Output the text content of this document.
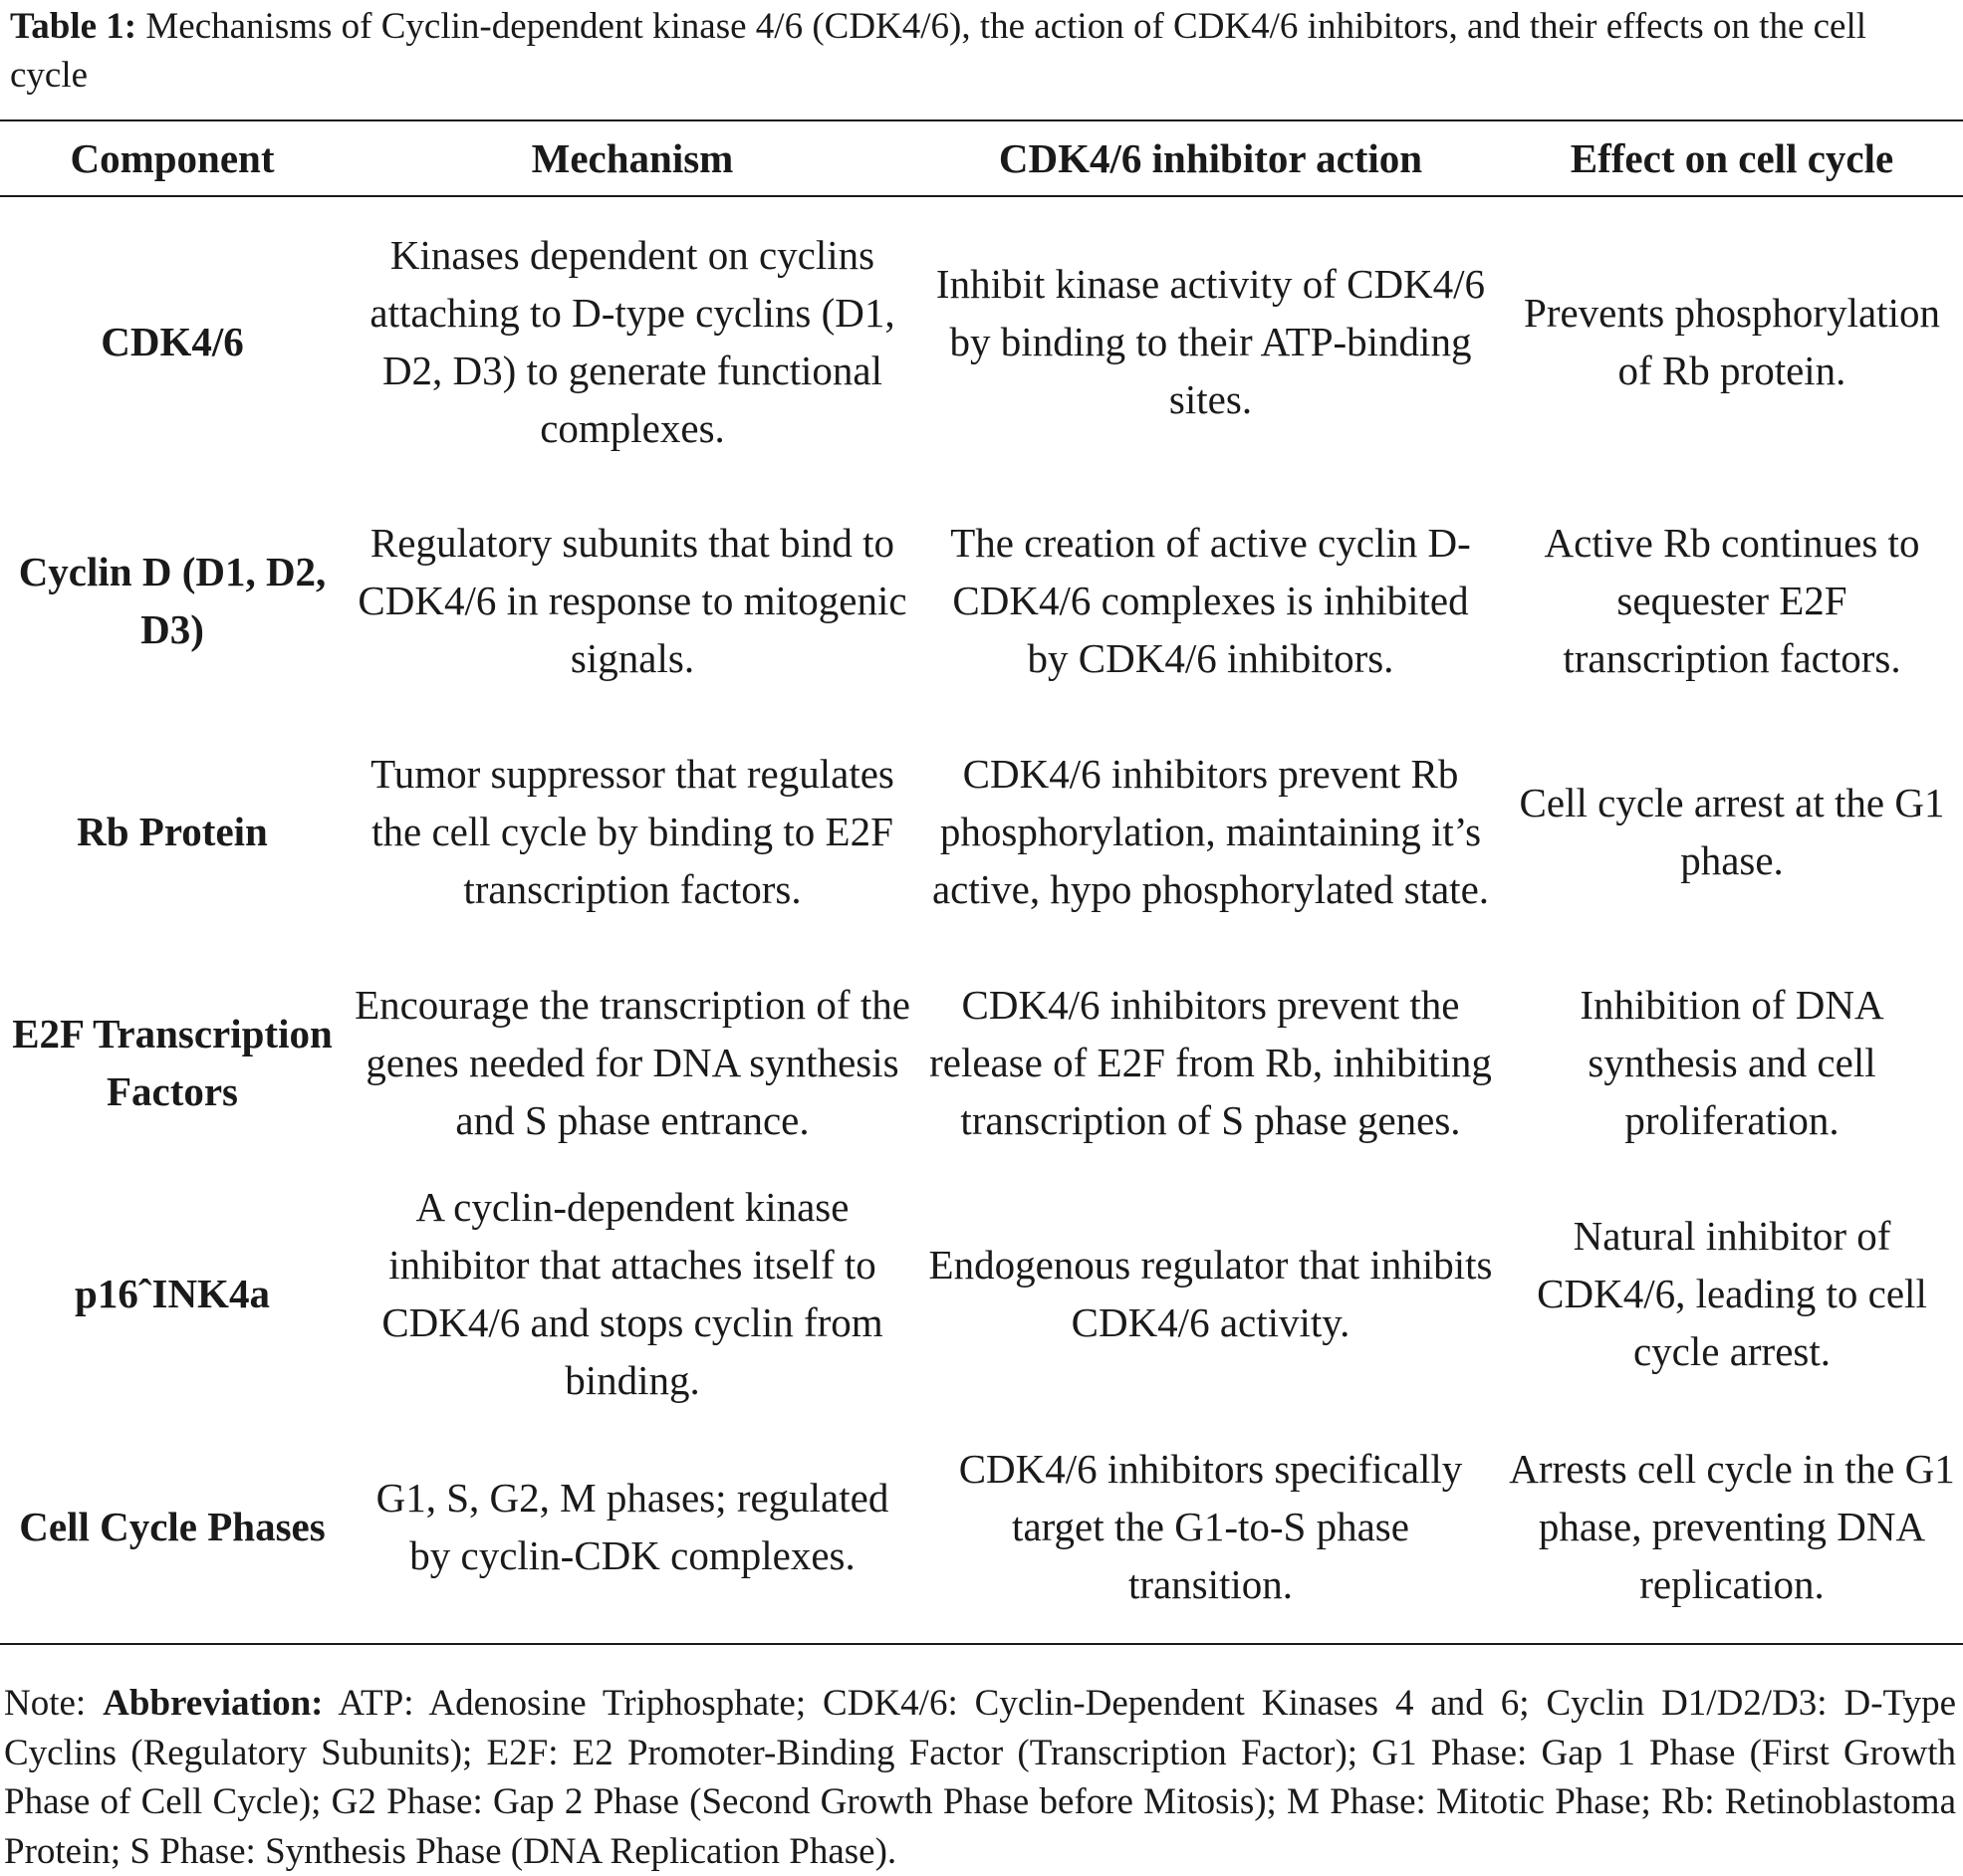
Table 1: Mechanisms of Cyclin-dependent kinase 4/6 (CDK4/6), the action of CDK4/6 inhibitors, and their effects on the cell cycle
Component	Mechanism	CDK4/6 inhibitor action	Effect on cell cycle
CDK4/6	Kinases dependent on cyclins attaching to D-type cyclins (D1, D2, D3) to generate functional complexes.	Inhibit kinase activity of CDK4/6 by binding to their ATP-binding sites.	Prevents phosphorylation of Rb protein.
Cyclin D (D1, D2, D3)	Regulatory subunits that bind to CDK4/6 in response to mitogenic signals.	The creation of active cyclin D-CDK4/6 complexes is inhibited by CDK4/6 inhibitors.	Active Rb continues to sequester E2F transcription factors.
Rb Protein	Tumor suppressor that regulates the cell cycle by binding to E2F transcription factors.	CDK4/6 inhibitors prevent Rb phosphorylation, maintaining it’s active, hypo phosphorylated state.	Cell cycle arrest at the G1 phase.
E2F Transcription Factors	Encourage the transcription of the genes needed for DNA synthesis and S phase entrance.	CDK4/6 inhibitors prevent the release of E2F from Rb, inhibiting transcription of S phase genes.	Inhibition of DNA synthesis and cell proliferation.
p16ˆINK4a	A cyclin-dependent kinase inhibitor that attaches itself to CDK4/6 and stops cyclin from binding.	Endogenous regulator that inhibits CDK4/6 activity.	Natural inhibitor of CDK4/6, leading to cell cycle arrest.
Cell Cycle Phases	G1, S, G2, M phases; regulated by cyclin-CDK complexes.	CDK4/6 inhibitors specifically target the G1-to-S phase transition.	Arrests cell cycle in the G1 phase, preventing DNA replication.
Note: Abbreviation: ATP: Adenosine Triphosphate; CDK4/6: Cyclin-Dependent Kinases 4 and 6; Cyclin D1/D2/D3: D-Type Cyclins (Regulatory Subunits); E2F: E2 Promoter-Binding Factor (Transcription Factor); G1 Phase: Gap 1 Phase (First Growth Phase of Cell Cycle); G2 Phase: Gap 2 Phase (Second Growth Phase before Mitosis); M Phase: Mitotic Phase; Rb: Retinoblastoma Protein; S Phase: Synthesis Phase (DNA Replication Phase).
